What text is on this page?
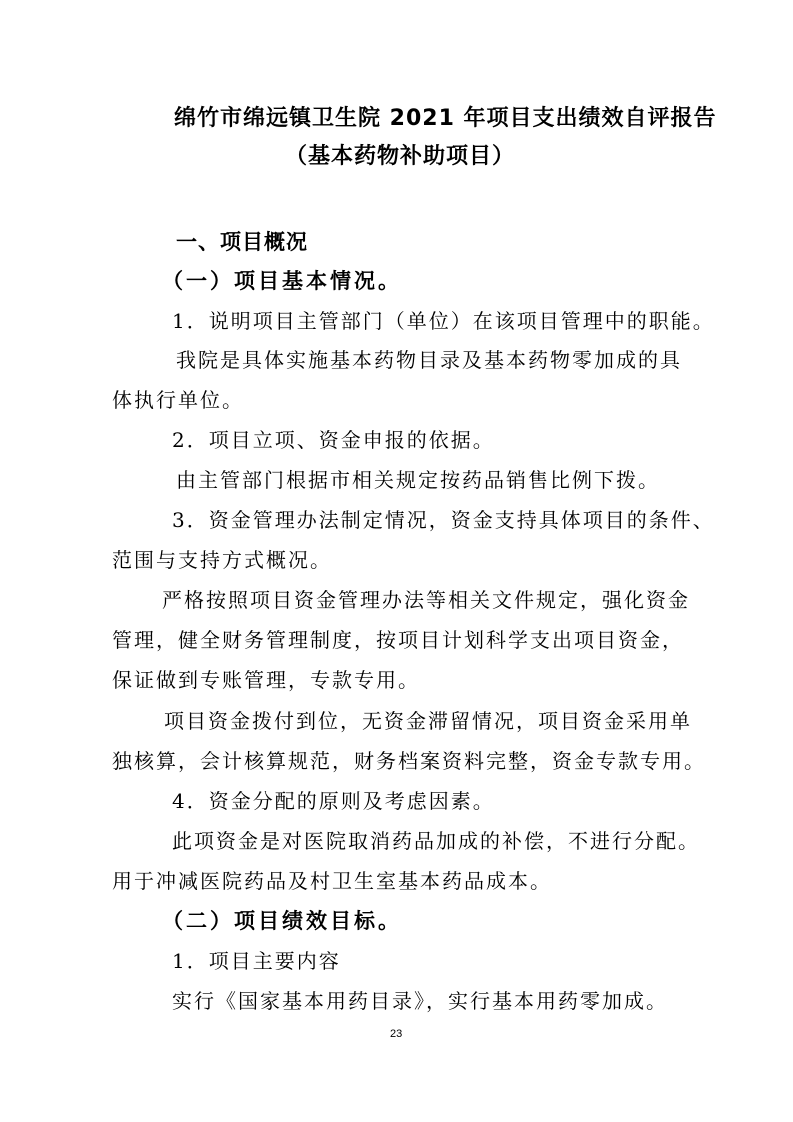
绵竹市绵远镇卫生院 2021 年项目支出绩效自评报告
（基本药物补助项目）
一、项目概况
（一）项目基本情况。
1．说明项目主管部门（单位）在该项目管理中的职能。
我院是具体实施基本药物目录及基本药物零加成的具
体执行单位。
2．项目立项、资金申报的依据。
由主管部门根据市相关规定按药品销售比例下拨。
3．资金管理办法制定情况，资金支持具体项目的条件、
范围与支持方式概况。
严格按照项目资金管理办法等相关文件规定，强化资金
管理，健全财务管理制度，按项目计划科学支出项目资金，
保证做到专账管理，专款专用。
项目资金拨付到位，无资金滞留情况，项目资金采用单
独核算，会计核算规范，财务档案资料完整，资金专款专用。
4．资金分配的原则及考虑因素。
此项资金是对医院取消药品加成的补偿，不进行分配。
用于冲减医院药品及村卫生室基本药品成本。
（二）项目绩效目标。
1．项目主要内容
实行《国家基本用药目录》，实行基本用药零加成。
23
